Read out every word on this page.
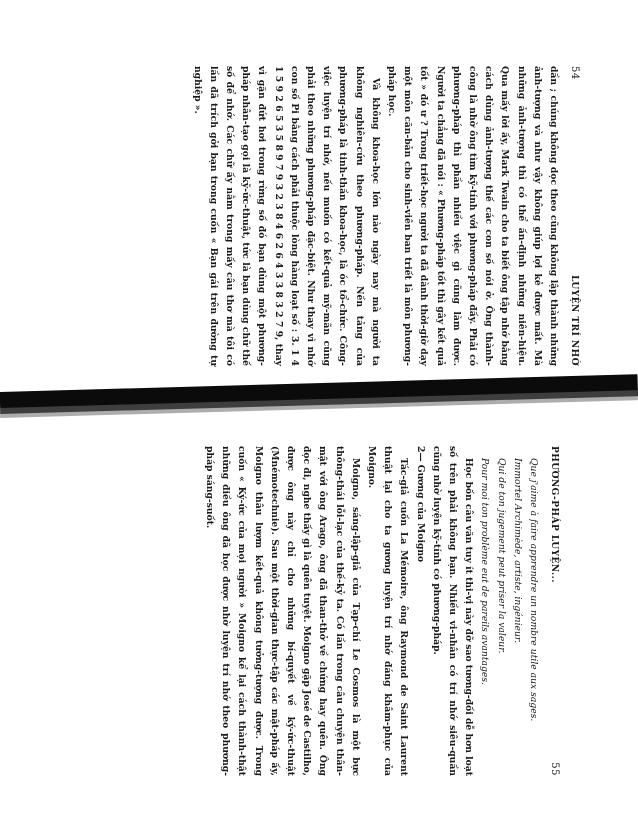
54
LUYỆN TRÍ NHỚ

dần ; chúng không dọc theo cũng không lập thành những ảnh-tượng và như vậy không giúp lợi kẻ được mất. Mà những ảnh-tượng thì có thể ấn-định những niên-hiệu. Qua mấy lời ấy, Mark Twain cho ta biết ông tập nhớ bằng cách dùng ảnh-tượng thế các con số nói ở. Ông thành-công là nhờ ông tìm kỹ-tính với phương-pháp đấy. Phải có phương-pháp thì phần nhiều việc gì cũng làm được. Người ta chẳng đã nói : « Phương-pháp tốt thì gây kết quả tốt » đó ư ? Trong triết-học người ta đã dành thời-giờ dạy một môn căn-bản cho sinh-viên ban triết là môn phương-pháp học.

Và không khoa-học lớn nào ngày nay mà người ta không nghiên-cứu theo phương-pháp. Nền tảng của phương-pháp là tinh-thần khoa-học, là óc tổ-chức. Công-việc luyện trí nhớ, nếu muốn có kết-quả mỹ-mãn cũng phải theo những phương-pháp đặc-biệt. Như thay vì nhớ con số Pi bằng cách phải thuộc lòng hàng loạt số : 3. 1 4 1 5 9 2 6 5 3 5 8 9 7 9 3 2 3 8 4 6 2 6 4 3 3 8 3 2 7 9, thay vì gặn đứt hơi trong rừng số đó bạn dùng một phương-pháp nhân-tạo gọi là kỹ-ức-thuật, tức là bạn dùng chữ thế số để nhớ. Các chữ ấy nằm trong mấy câu thơ mà tôi có lần đã trích gởi bạn trong cuốn « Bạn gái trên đường tự nghiệp ».

PHƯƠNG-PHÁP LUYỆN...
55

Que j'aime à faire apprendre un nombre utile aux sages.

Immortel Archimède, artiste, ingénieur.

Qui de ton jugement peut priser la valeur.

Pour moi ton problème eut de pareils avantages.

Học bốn câu văn tuy ít thi-vị này đỡ sao tương-đối dễ hơn loạt số trên phải không bạn. Nhiều vi-nhân có trí nhớ siêu-quần cũng nhờ luyện kỹ-tính có phương-pháp.

2— Gương của Moigno

Tác-giả cuốn La Mémoire, ông Raymond de Saint Laurent thuật lại cho ta gương luyện trí nhớ đáng khâm-phục của Moigno.

Moigno, sáng-lập-giả của Tạp-chí Le Cosmos là một bực thông-thái lỗi-lạc của thế-kỷ ta. Có lần trong câu chuyện thân-mật với ông Arago, ông đã than-thở về chứng hay quên. Ông đọc đi, nghe thấy gì là quên tuyệt. Moigno gặp José de Castilho, được ông này chỉ cho những bí-quyết về ký-ức-thuật (Mnémotechnie). Sau một thời-gian thực-tập các mật-pháp ấy, Moigno thâu lượm kết-quả không tưởng-tượng được. Trong cuốn « Ký-ức của mọi người » Moigno kể lại cách thành-thật những điều ông đã học được nhờ luyện trí nhớ theo phương-pháp sáng-suốt.
